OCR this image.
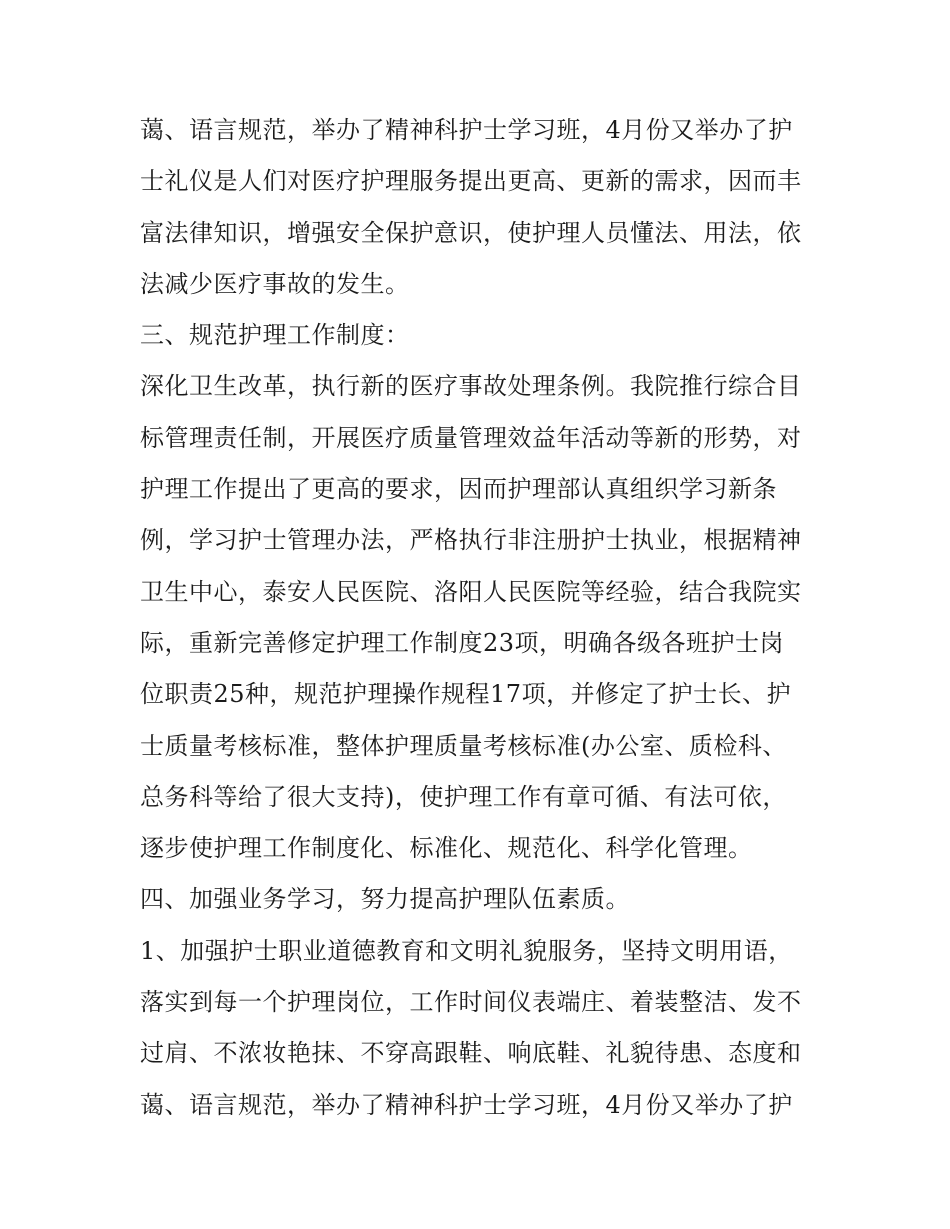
蔼、语言规范，举办了精神科护士学习班，4月份又举办了护
士礼仪是人们对医疗护理服务提出更高、更新的需求，因而丰
富法律知识，增强安全保护意识，使护理人员懂法、用法，依
法减少医疗事故的发生。
三、规范护理工作制度：
深化卫生改革，执行新的医疗事故处理条例。我院推行综合目
标管理责任制，开展医疗质量管理效益年活动等新的形势，对
护理工作提出了更高的要求，因而护理部认真组织学习新条
例，学习护士管理办法，严格执行非注册护士执业，根据精神
卫生中心，泰安人民医院、洛阳人民医院等经验，结合我院实
际，重新完善修定护理工作制度23项，明确各级各班护士岗
位职责25种，规范护理操作规程17项，并修定了护士长、护
士质量考核标准，整体护理质量考核标准(办公室、质检科、
总务科等给了很大支持)，使护理工作有章可循、有法可依，
逐步使护理工作制度化、标准化、规范化、科学化管理。
四、加强业务学习，努力提高护理队伍素质。
1、加强护士职业道德教育和文明礼貌服务，坚持文明用语，
落实到每一个护理岗位，工作时间仪表端庄、着装整洁、发不
过肩、不浓妆艳抹、不穿高跟鞋、响底鞋、礼貌待患、态度和
蔼、语言规范，举办了精神科护士学习班，4月份又举办了护
